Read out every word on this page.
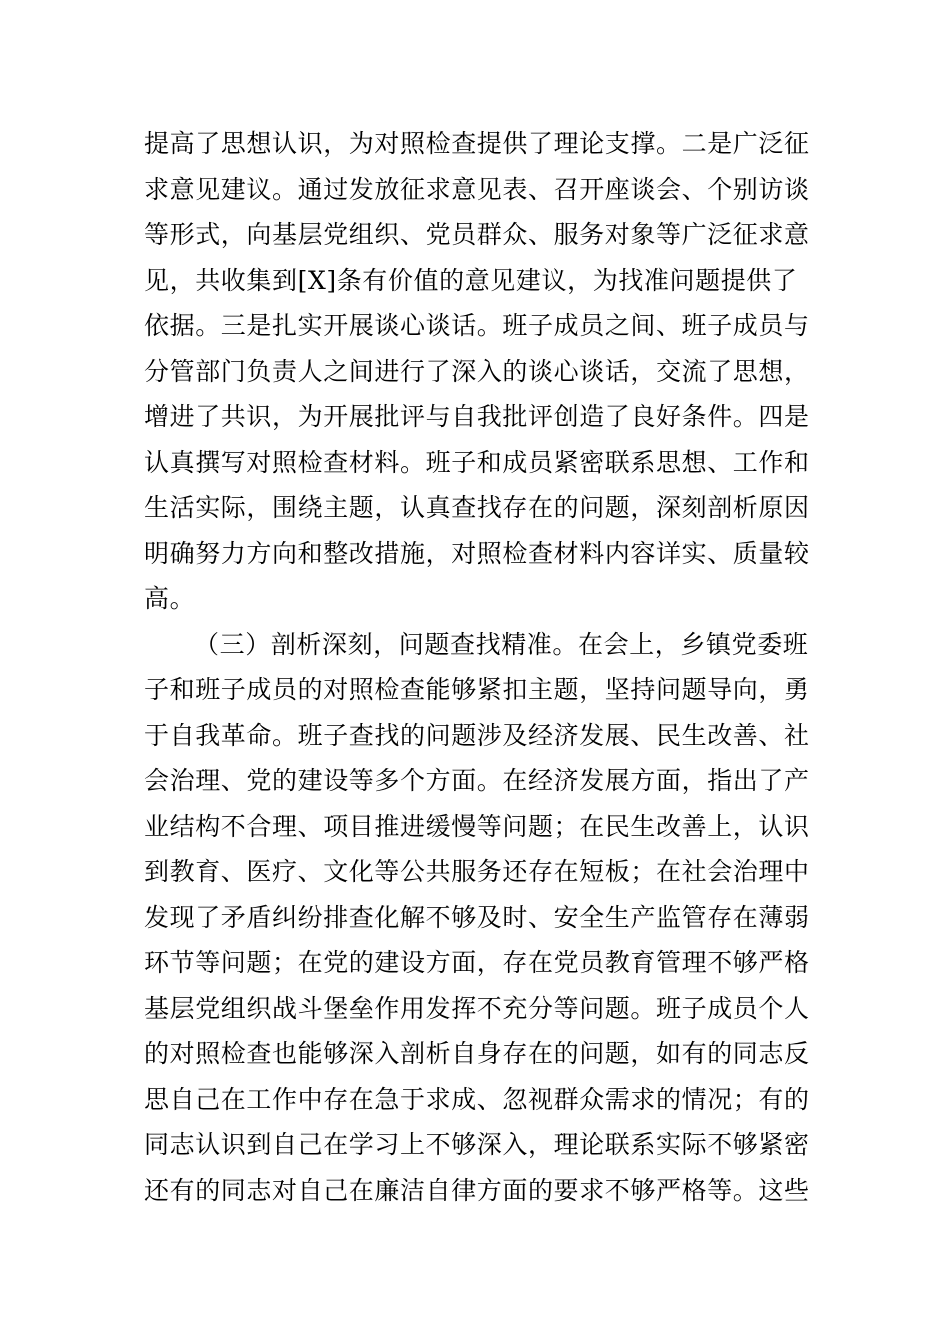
提高了思想认识，为对照检查提供了理论支撑。二是广泛征
求意见建议。通过发放征求意见表、召开座谈会、个别访谈
等形式，向基层党组织、党员群众、服务对象等广泛征求意
见，共收集到[X]条有价值的意见建议，为找准问题提供了
依据。三是扎实开展谈心谈话。班子成员之间、班子成员与
分管部门负责人之间进行了深入的谈心谈话，交流了思想，
增进了共识，为开展批评与自我批评创造了良好条件。四是
认真撰写对照检查材料。班子和成员紧密联系思想、工作和
生活实际，围绕主题，认真查找存在的问题，深刻剖析原因
明确努力方向和整改措施，对照检查材料内容详实、质量较
高。
（三）剖析深刻，问题查找精准。在会上，乡镇党委班
子和班子成员的对照检查能够紧扣主题，坚持问题导向，勇
于自我革命。班子查找的问题涉及经济发展、民生改善、社
会治理、党的建设等多个方面。在经济发展方面，指出了产
业结构不合理、项目推进缓慢等问题；在民生改善上，认识
到教育、医疗、文化等公共服务还存在短板；在社会治理中
发现了矛盾纠纷排查化解不够及时、安全生产监管存在薄弱
环节等问题；在党的建设方面，存在党员教育管理不够严格
基层党组织战斗堡垒作用发挥不充分等问题。班子成员个人
的对照检查也能够深入剖析自身存在的问题，如有的同志反
思自己在工作中存在急于求成、忽视群众需求的情况；有的
同志认识到自己在学习上不够深入，理论联系实际不够紧密
还有的同志对自己在廉洁自律方面的要求不够严格等。这些
